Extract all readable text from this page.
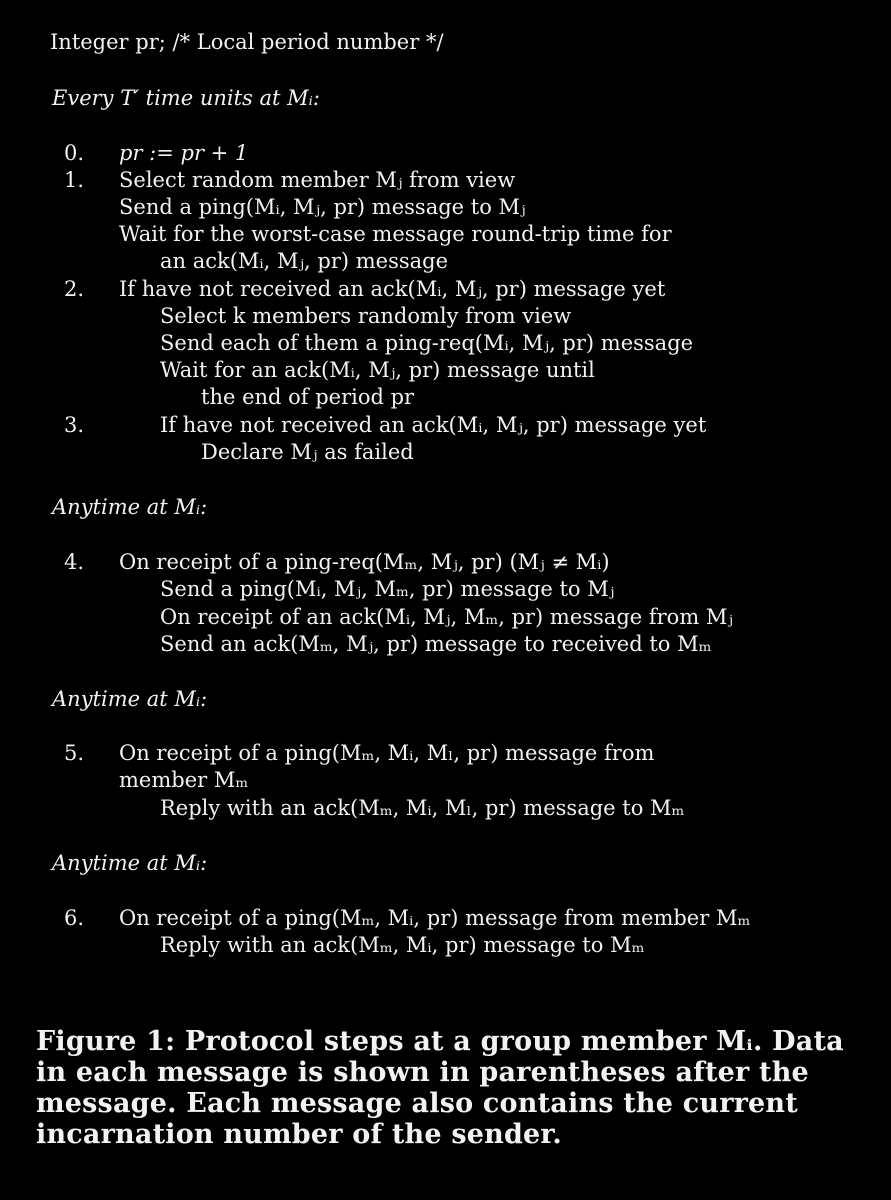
Integer pr; /* Local period number */
Every T′ time units at Mᵢ:
0. pr := pr + 1
1. Select random member Mⱼ from view
Send a ping(Mᵢ, Mⱼ, pr) message to Mⱼ
Wait for the worst-case message round-trip time for
an ack(Mᵢ, Mⱼ, pr) message
2. If have not received an ack(Mᵢ, Mⱼ, pr) message yet
Select k members randomly from view
Send each of them a ping-req(Mᵢ, Mⱼ, pr) message
Wait for an ack(Mᵢ, Mⱼ, pr) message until
the end of period pr
3.	If have not received an ack(Mᵢ, Mⱼ, pr) message yet
Declare Mⱼ as failed
Anytime at Mᵢ:
4. On receipt of a ping-req(Mₘ, Mⱼ, pr) (Mⱼ ≠ Mᵢ)
Send a ping(Mᵢ, Mⱼ, Mₘ, pr) message to Mⱼ
On receipt of an ack(Mᵢ, Mⱼ, Mₘ, pr) message from Mⱼ
Send an ack(Mₘ, Mⱼ, pr) message to received to Mₘ
Anytime at Mᵢ:
5. On receipt of a ping(Mₘ, Mᵢ, Mₗ, pr) message from
member Mₘ
Reply with an ack(Mₘ, Mᵢ, Mₗ, pr) message to Mₘ
Anytime at Mᵢ:
6. On receipt of a ping(Mₘ, Mᵢ, pr) message from member Mₘ
Reply with an ack(Mₘ, Mᵢ, pr) message to Mₘ
Figure 1: Protocol steps at a group member Mᵢ. Data in each message is shown in parentheses after the message. Each message also contains the current incarnation number of the sender.
